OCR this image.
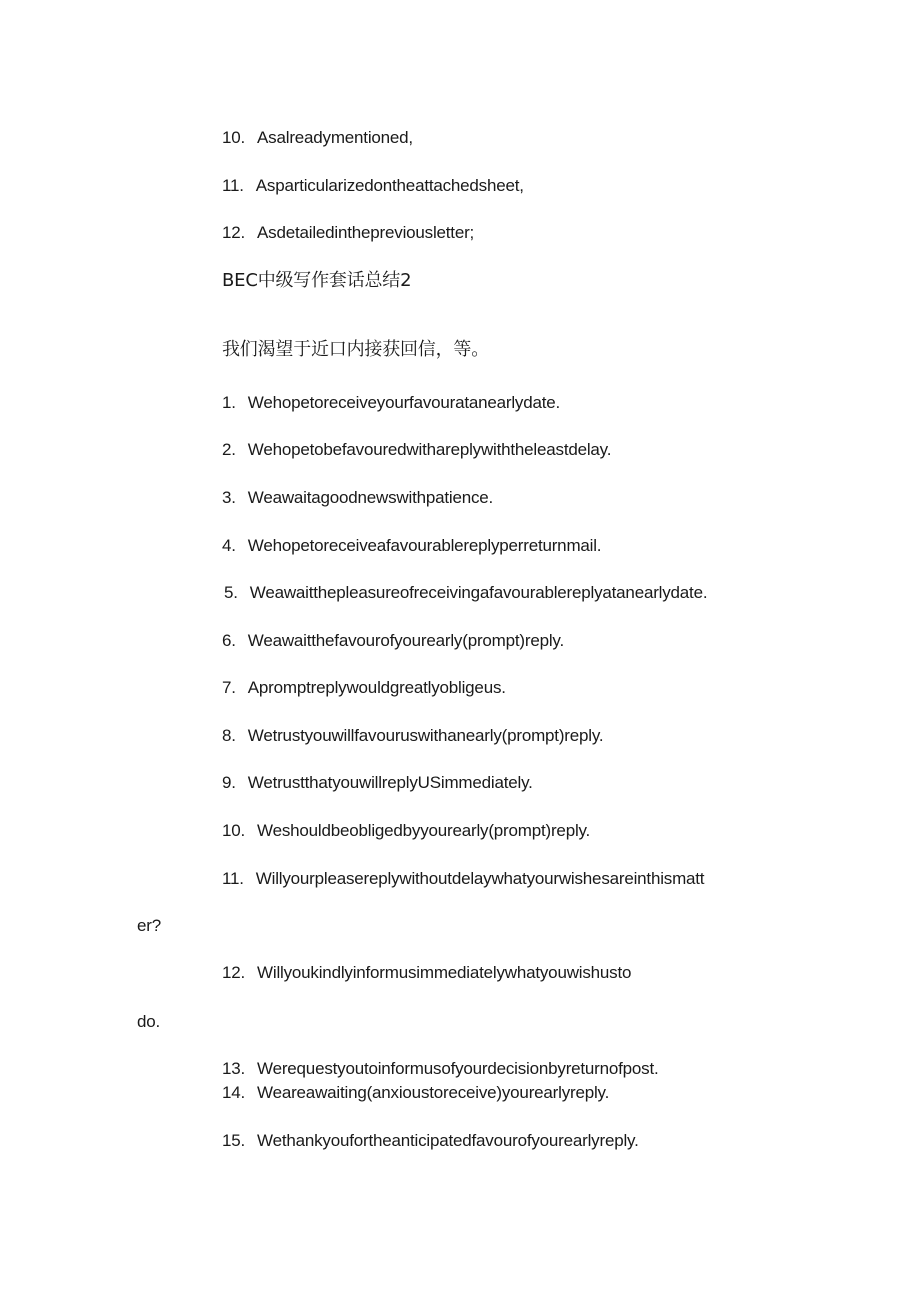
10. Asalreadymentioned,
11. Asparticularizedontheattachedsheet,
12. Asdetailedinthepreviousletter;
BEC中级写作套话总结2
我们渴望于近口内接获回信，等。
1. Wehopetoreceiveyourfavouratanearlydate.
2. Wehopetobefavouredwithareplywiththeleastdelay.
3. Weawaitagoodnewswithpatience.
4. Wehopetoreceiveafavourablereplyperreturnmail.
5. Weawaitthepleasureofreceivingafavourablereplyatanearlydate.
6. Weawaitthefavourofyourearly(prompt)reply.
7. Apromptreplywouldgreatlyobligeus.
8. Wetrustyouwillfavouruswithanearly(prompt)reply.
9. WetrustthatyouwillreplyUSimmediately.
10. Weshouldbeobligedbyyourearly(prompt)reply.
11. Willyourpleasereplywithoutdelaywhatyourwishesareinthismatt
er?
12. Willyoukindlyinformusimmediatelywhatyouwishusto
do.
13. Werequestyoutoinformusofyourdecisionbyreturnofpost.
14. Weareawaiting(anxioustoreceive)yourearlyreply.
15. Wethankyoufortheanticipatedfavourofyourearlyreply.
